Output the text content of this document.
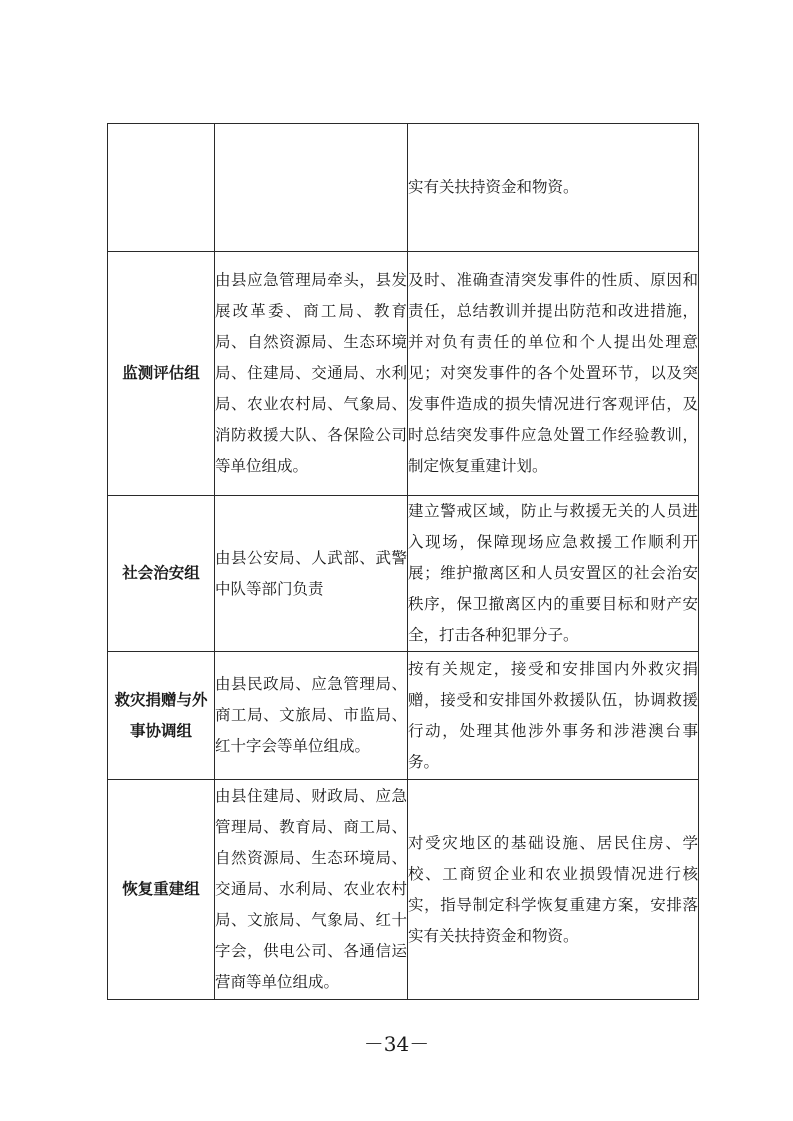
		实有关扶持资金和物资。
监测评估组	由县应急管理局牵头，县发展改革委、商工局、教育局、自然资源局、生态环境局、住建局、交通局、水利局、农业农村局、气象局、消防救援大队、各保险公司等单位组成。	及时、准确查清突发事件的性质、原因和责任，总结教训并提出防范和改进措施，并对负有责任的单位和个人提出处理意见；对突发事件的各个处置环节，以及突发事件造成的损失情况进行客观评估，及时总结突发事件应急处置工作经验教训，制定恢复重建计划。
社会治安组	由县公安局、人武部、武警中队等部门负责	建立警戒区域，防止与救援无关的人员进入现场，保障现场应急救援工作顺利开展；维护撤离区和人员安置区的社会治安秩序，保卫撤离区内的重要目标和财产安全，打击各种犯罪分子。
救灾捐赠与外事协调组	由县民政局、应急管理局、商工局、文旅局、市监局、红十字会等单位组成。	按有关规定，接受和安排国内外救灾捐赠，接受和安排国外救援队伍，协调救援行动，处理其他涉外事务和涉港澳台事务。
恢复重建组	由县住建局、财政局、应急管理局、教育局、商工局、自然资源局、生态环境局、交通局、水利局、农业农村局、文旅局、气象局、红十字会，供电公司、各通信运营商等单位组成。	对受灾地区的基础设施、居民住房、学校、工商贸企业和农业损毁情况进行核实，指导制定科学恢复重建方案，安排落实有关扶持资金和物资。
－34－
